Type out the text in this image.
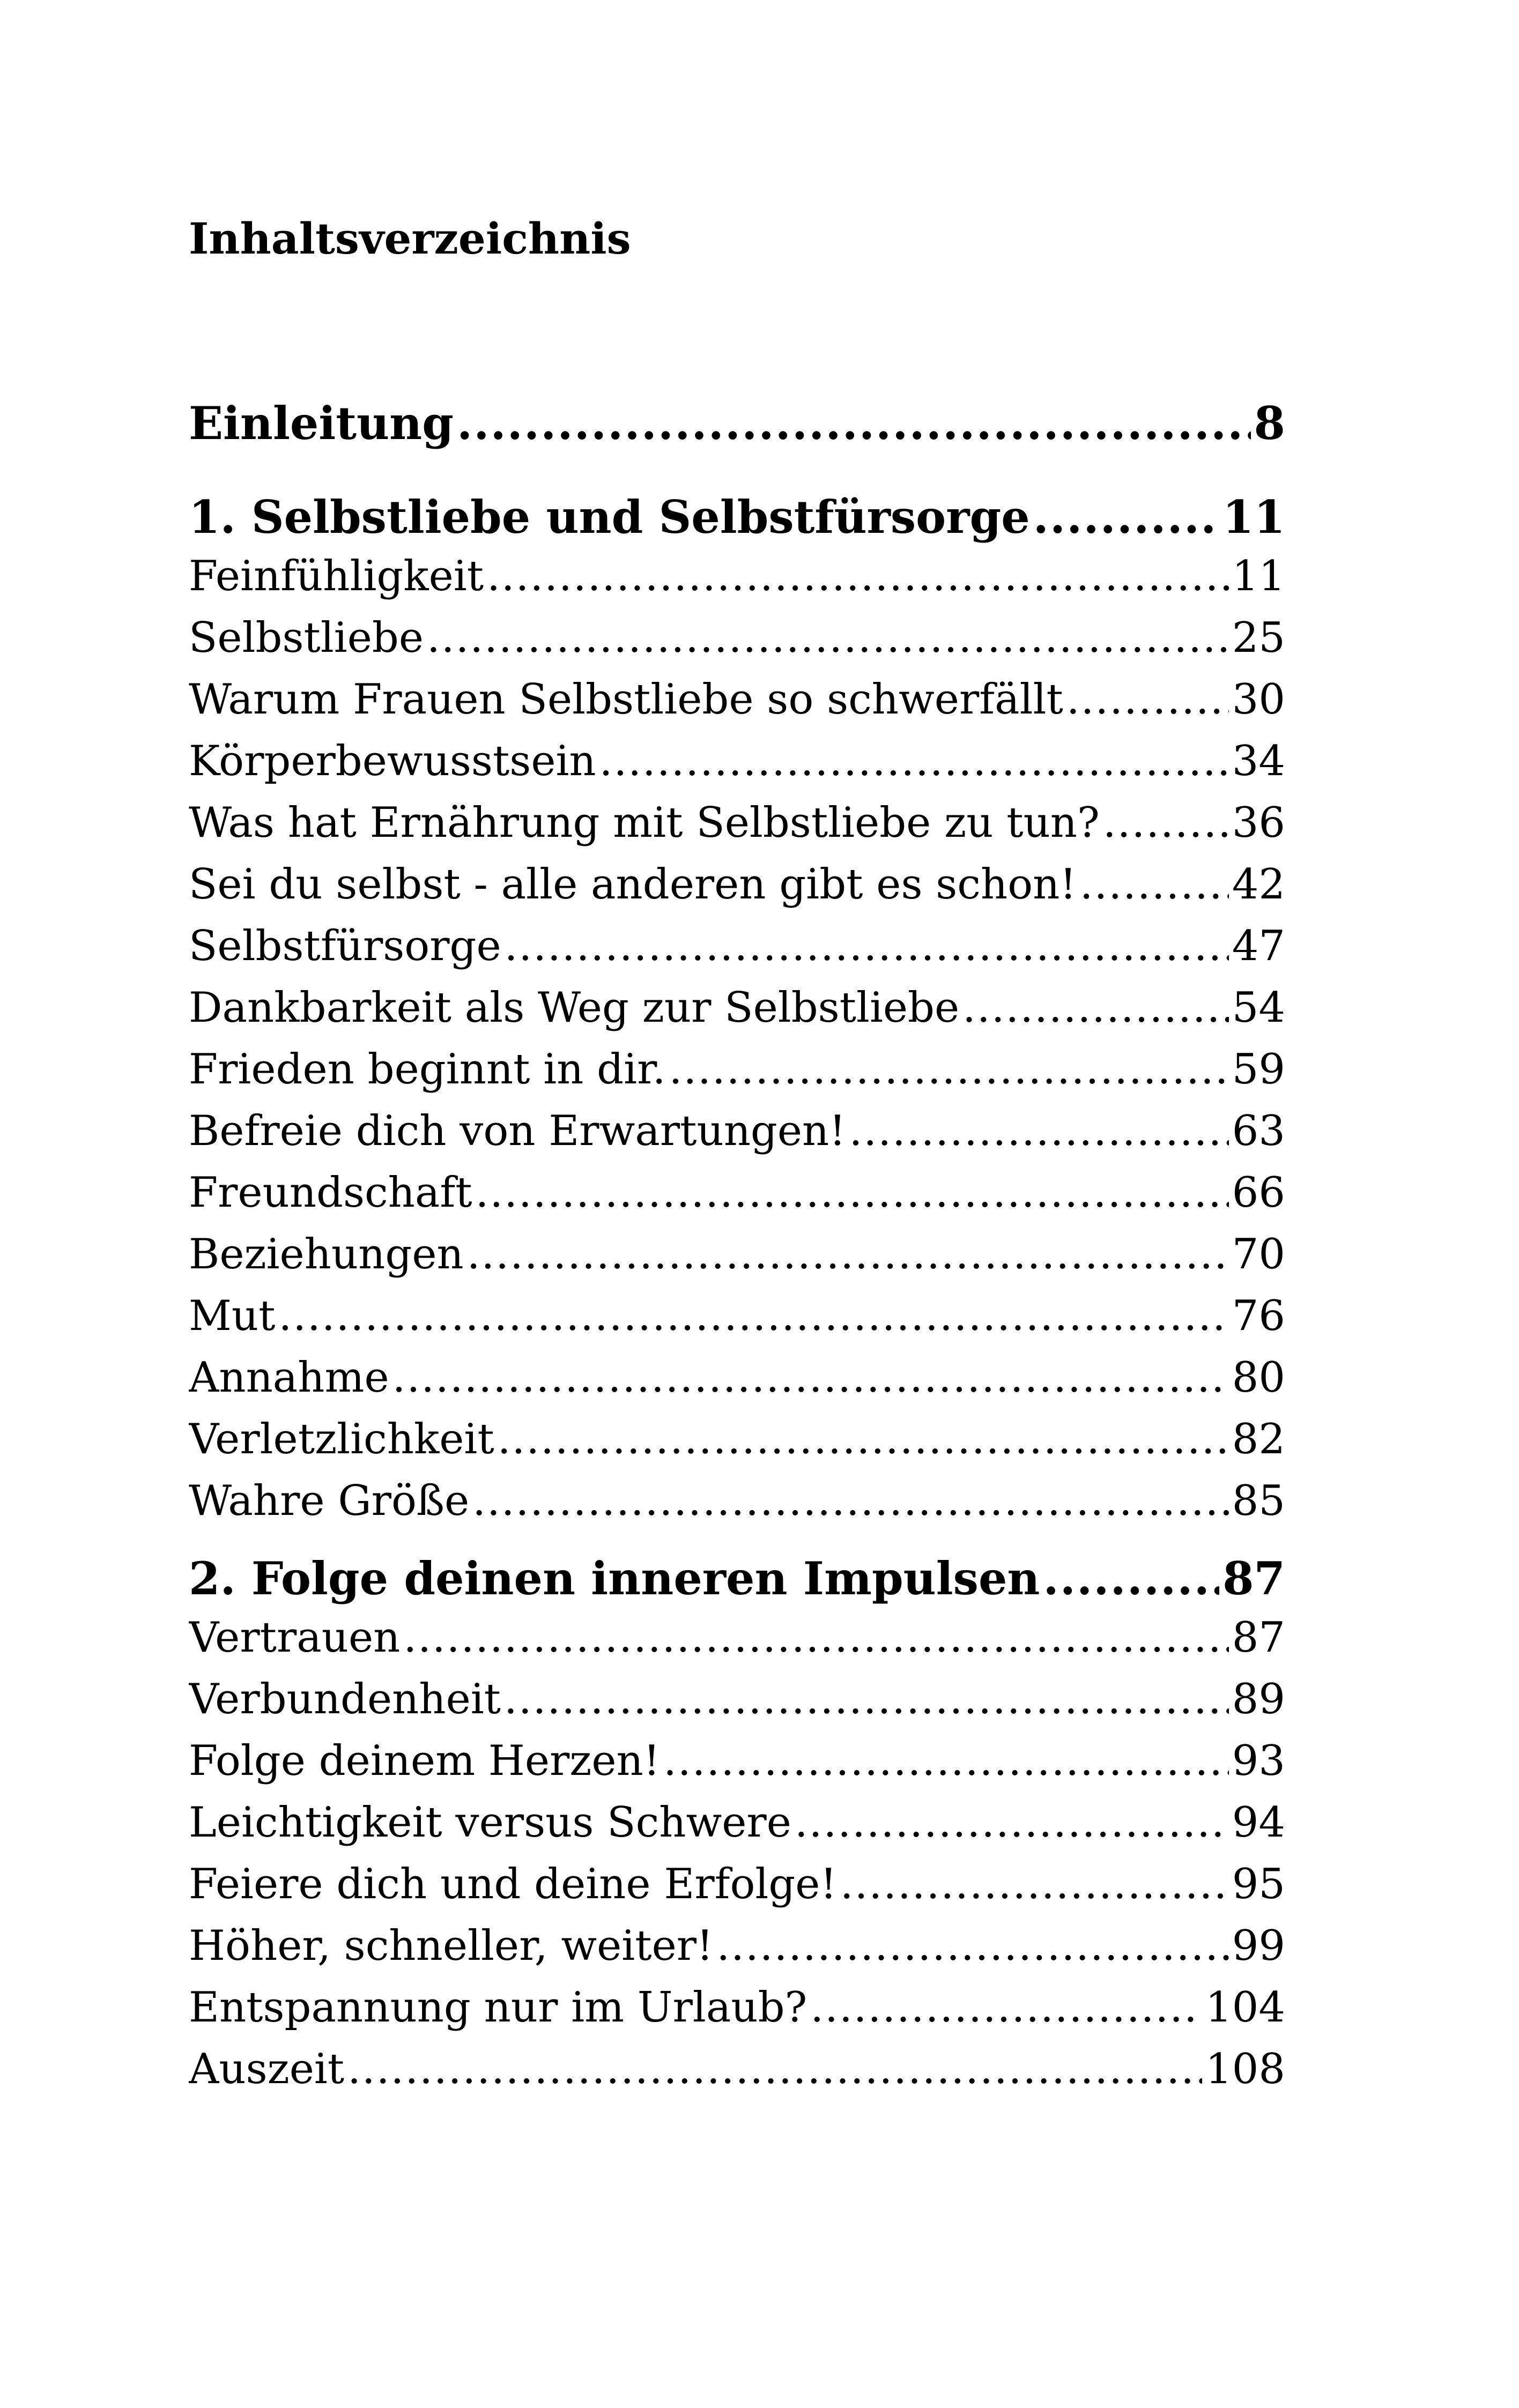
Inhaltsverzeichnis
Einleitung .....	8
1. Selbstliebe und Selbstfürsorge .....	11
Feinfühligkeit .....	11
Selbstliebe .....	25
Warum Frauen Selbstliebe so schwerfällt .....	30
Körperbewusstsein .....	34
Was hat Ernährung mit Selbstliebe zu tun? .....	36
Sei du selbst - alle anderen gibt es schon! .....	42
Selbstfürsorge .....	47
Dankbarkeit als Weg zur Selbstliebe .....	54
Frieden beginnt in dir. .....	59
Befreie dich von Erwartungen! .....	63
Freundschaft .....	66
Beziehungen .....	70
Mut .....	76
Annahme .....	80
Verletzlichkeit .....	82
Wahre Größe .....	85
2. Folge deinen inneren Impulsen .....	87
Vertrauen .....	87
Verbundenheit .....	89
Folge deinem Herzen! .....	93
Leichtigkeit versus Schwere .....	94
Feiere dich und deine Erfolge! .....	95
Höher, schneller, weiter! .....	99
Entspannung nur im Urlaub? .....	104
Auszeit .....	108
